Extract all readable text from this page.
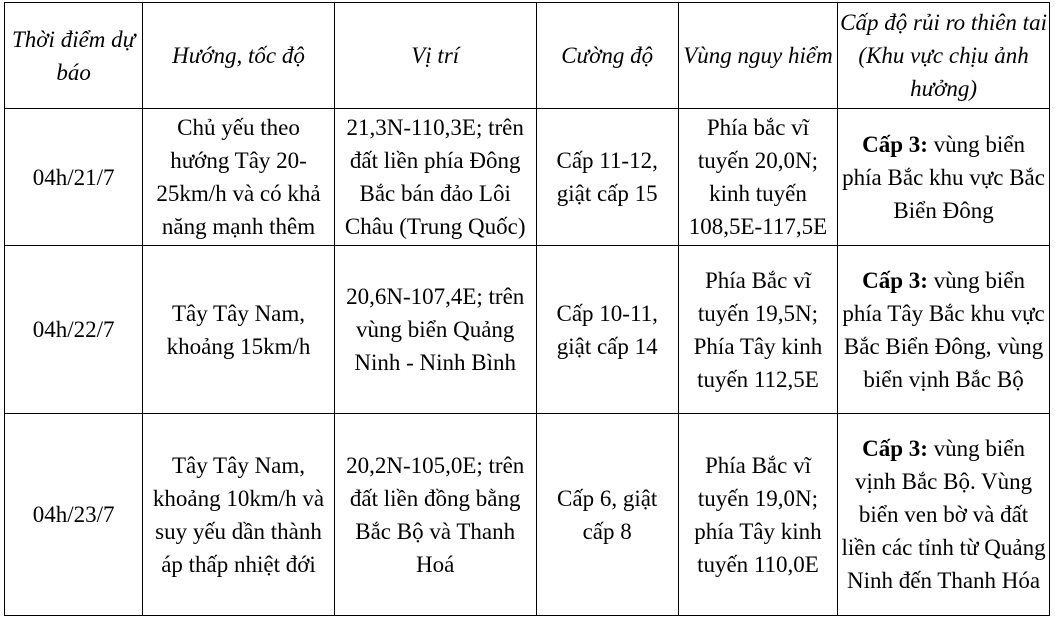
Thời điểm dự báo	Hướng, tốc độ	Vị trí	Cường độ	Vùng nguy hiểm	Cấp độ rủi ro thiên tai (Khu vực chịu ảnh hưởng)
04h/21/7	Chủ yếu theo hướng Tây 20-25km/h và có khả năng mạnh thêm	21,3N-110,3E; trên đất liền phía Đông Bắc bán đảo Lôi Châu (Trung Quốc)	Cấp 11-12, giật cấp 15	Phía bắc vĩ tuyến 20,0N; kinh tuyến 108,5E-117,5E	Cấp 3: vùng biển phía Bắc khu vực Bắc Biển Đông
04h/22/7	Tây Tây Nam, khoảng 15km/h	20,6N-107,4E; trên vùng biển Quảng Ninh - Ninh Bình	Cấp 10-11, giật cấp 14	Phía Bắc vĩ tuyến 19,5N; Phía Tây kinh tuyến 112,5E	Cấp 3: vùng biển phía Tây Bắc khu vực Bắc Biển Đông, vùng biển vịnh Bắc Bộ
04h/23/7	Tây Tây Nam, khoảng 10km/h và suy yếu dần thành áp thấp nhiệt đới	20,2N-105,0E; trên đất liền đồng bằng Bắc Bộ và Thanh Hoá	Cấp 6, giật cấp 8	Phía Bắc vĩ tuyến 19,0N; phía Tây kinh tuyến 110,0E	Cấp 3: vùng biển vịnh Bắc Bộ. Vùng biển ven bờ và đất liền các tỉnh từ Quảng Ninh đến Thanh Hóa
